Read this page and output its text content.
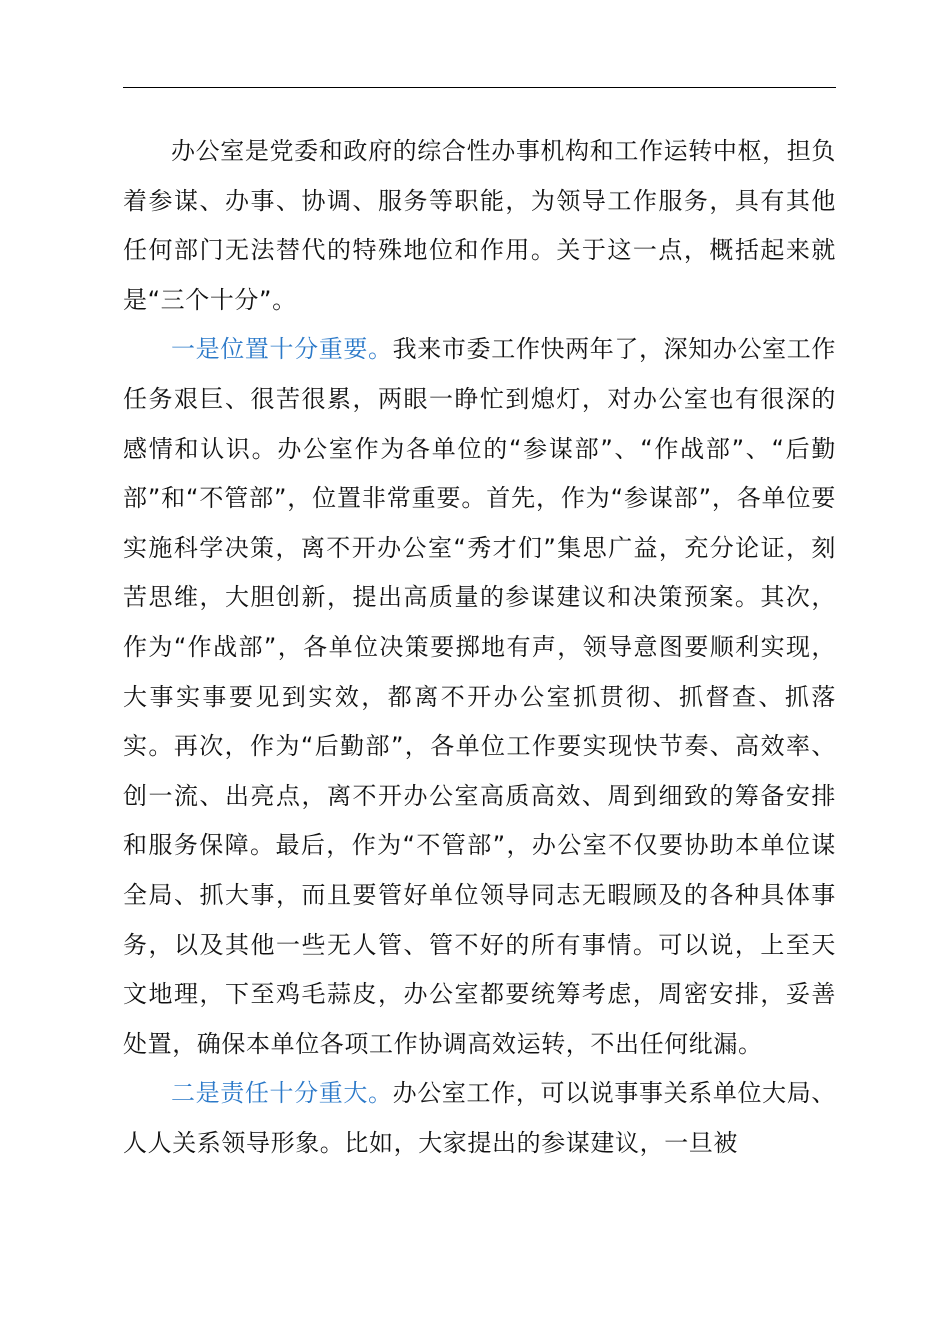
办公室是党委和政府的综合性办事机构和工作运转中枢，担负着参谋、办事、协调、服务等职能，为领导工作服务，具有其他任何部门无法替代的特殊地位和作用。关于这一点，概括起来就是“三个十分”。

一是位置十分重要。我来市委工作快两年了，深知办公室工作任务艰巨、很苦很累，两眼一睁忙到熄灯，对办公室也有很深的感情和认识。办公室作为各单位的“参谋部”、“作战部”、“后勤部”和“不管部”，位置非常重要。首先，作为“参谋部”，各单位要实施科学决策，离不开办公室“秀才们”集思广益，充分论证，刻苦思维，大胆创新，提出高质量的参谋建议和决策预案。其次，作为“作战部”，各单位决策要掷地有声，领导意图要顺利实现，大事实事要见到实效，都离不开办公室抓贯彻、抓督查、抓落实。再次，作为“后勤部”，各单位工作要实现快节奏、高效率、创一流、出亮点，离不开办公室高质高效、周到细致的筹备安排和服务保障。最后，作为“不管部”，办公室不仅要协助本单位谋全局、抓大事，而且要管好单位领导同志无暇顾及的各种具体事务，以及其他一些无人管、管不好的所有事情。可以说，上至天文地理，下至鸡毛蒜皮，办公室都要统筹考虑，周密安排，妥善处置，确保本单位各项工作协调高效运转，不出任何纰漏。

二是责任十分重大。办公室工作，可以说事事关系单位大局、人人关系领导形象。比如，大家提出的参谋建议，一旦被
